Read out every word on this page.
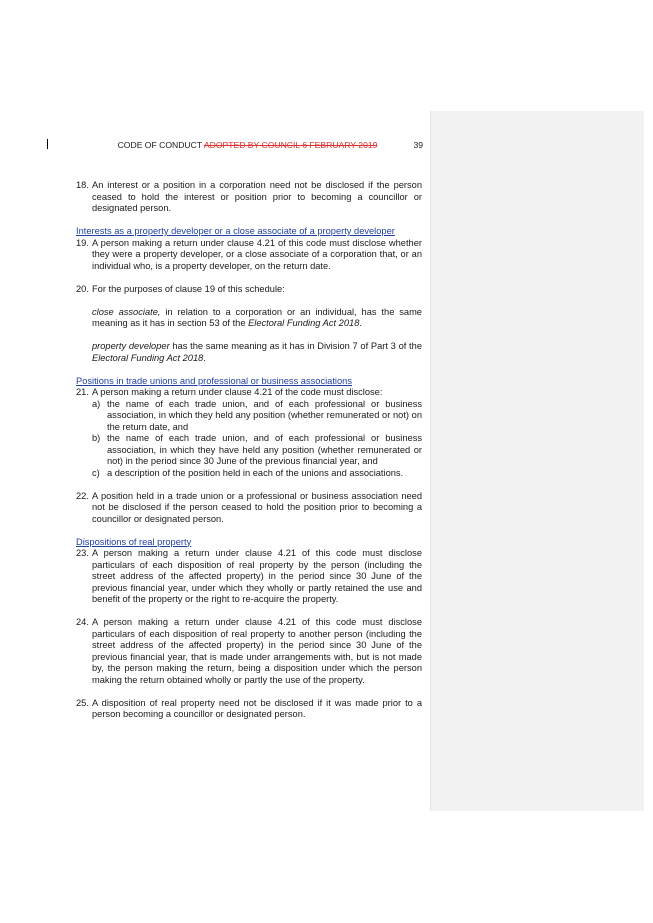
CODE OF CONDUCT ADOPTED BY COUNCIL 6 FEBRUARY 2019	39
18. An interest or a position in a corporation need not be disclosed if the person ceased to hold the interest or position prior to becoming a councillor or designated person.
Interests as a property developer or a close associate of a property developer
19. A person making a return under clause 4.21 of this code must disclose whether they were a property developer, or a close associate of a corporation that, or an individual who, is a property developer, on the return date.
20. For the purposes of clause 19 of this schedule:
close associate, in relation to a corporation or an individual, has the same meaning as it has in section 53 of the Electoral Funding Act 2018.
property developer has the same meaning as it has in Division 7 of Part 3 of the Electoral Funding Act 2018.
Positions in trade unions and professional or business associations
21. A person making a return under clause 4.21 of the code must disclose:
a) the name of each trade union, and of each professional or business association, in which they held any position (whether remunerated or not) on the return date, and
b) the name of each trade union, and of each professional or business association, in which they have held any position (whether remunerated or not) in the period since 30 June of the previous financial year, and
c) a description of the position held in each of the unions and associations.
22. A position held in a trade union or a professional or business association need not be disclosed if the person ceased to hold the position prior to becoming a councillor or designated person.
Dispositions of real property
23. A person making a return under clause 4.21 of this code must disclose particulars of each disposition of real property by the person (including the street address of the affected property) in the period since 30 June of the previous financial year, under which they wholly or partly retained the use and benefit of the property or the right to re-acquire the property.
24. A person making a return under clause 4.21 of this code must disclose particulars of each disposition of real property to another person (including the street address of the affected property) in the period since 30 June of the previous financial year, that is made under arrangements with, but is not made by, the person making the return, being a disposition under which the person making the return obtained wholly or partly the use of the property.
25. A disposition of real property need not be disclosed if it was made prior to a person becoming a councillor or designated person.
